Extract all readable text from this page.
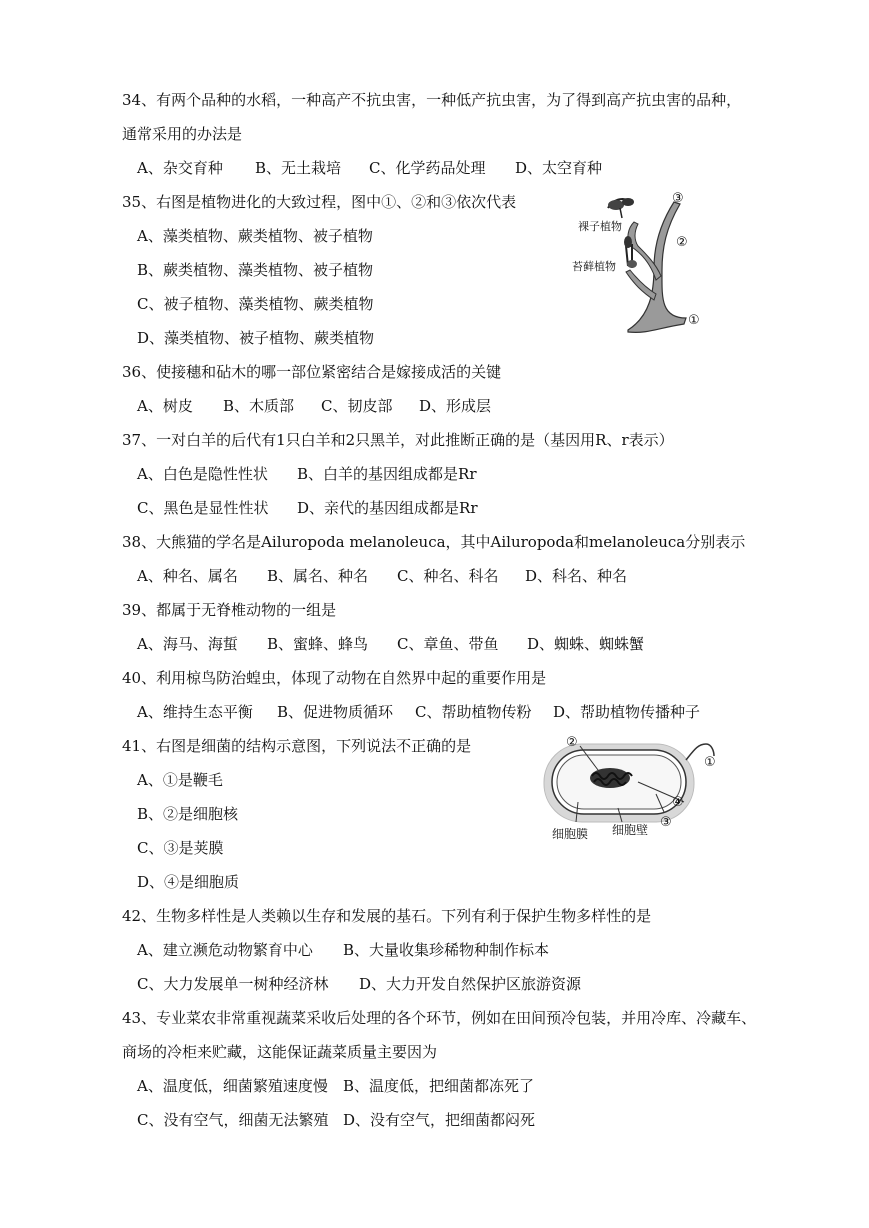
34、有两个品种的水稻，一种高产不抗虫害，一种低产抗虫害，为了得到高产抗虫害的品种，
通常采用的办法是
A、杂交育种 B、无土栽培 C、化学药品处理 D、太空育种
35、右图是植物进化的大致过程，图中①、②和③依次代表
A、藻类植物、蕨类植物、被子植物
B、蕨类植物、藻类植物、被子植物
C、被子植物、藻类植物、蕨类植物
D、藻类植物、被子植物、蕨类植物
裸子植物
苔藓植物
③
②
①
36、使接穗和砧木的哪一部位紧密结合是嫁接成活的关键
A、树皮 B、木质部 C、韧皮部 D、形成层
37、一对白羊的后代有1只白羊和2只黑羊，对此推断正确的是（基因用R、r表示）
A、白色是隐性性状 B、白羊的基因组成都是Rr
C、黑色是显性性状 D、亲代的基因组成都是Rr
38、大熊猫的学名是Ailuropoda melanoleuca，其中Ailuropoda和melanoleuca分别表示
A、种名、属名 B、属名、种名 C、种名、科名 D、科名、种名
39、都属于无脊椎动物的一组是
A、海马、海蜇 B、蜜蜂、蜂鸟 C、章鱼、带鱼 D、蜘蛛、蜘蛛蟹
40、利用椋鸟防治蝗虫，体现了动物在自然界中起的重要作用是
A、维持生态平衡 B、促进物质循环 C、帮助植物传粉 D、帮助植物传播种子
41、右图是细菌的结构示意图，下列说法不正确的是
A、①是鞭毛
B、②是细胞核
C、③是荚膜
D、④是细胞质
②
①
④
③
细胞膜 细胞壁
42、生物多样性是人类赖以生存和发展的基石。下列有利于保护生物多样性的是
A、建立濒危动物繁育中心 B、大量收集珍稀物种制作标本
C、大力发展单一树种经济林 D、大力开发自然保护区旅游资源
43、专业菜农非常重视蔬菜采收后处理的各个环节，例如在田间预冷包装，并用冷库、冷藏车、
商场的冷柜来贮藏，这能保证蔬菜质量主要因为
A、温度低，细菌繁殖速度慢 B、温度低，把细菌都冻死了
C、没有空气，细菌无法繁殖 D、没有空气，把细菌都闷死
